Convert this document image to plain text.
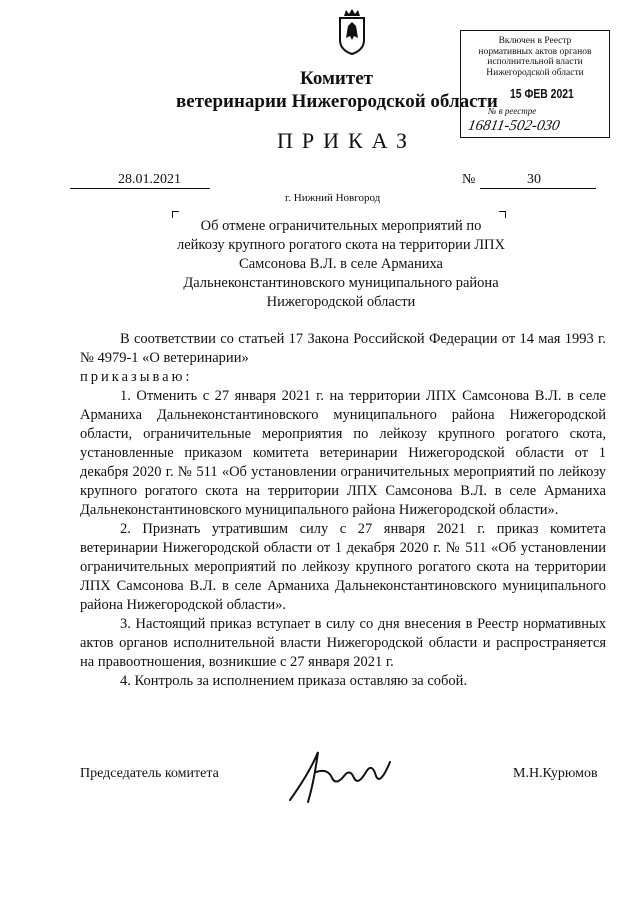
Комитет
ветеринарии Нижегородской области
Включен в Реестр
нормативных актов органов
исполнительной власти
Нижегородской области
15 ФЕВ 2021
№ в реестре
16811-502-030
ПРИКАЗ
28.01.2021	№	30
г. Нижний Новгород
Об отмене ограничительных мероприятий по лейкозу крупного рогатого скота на территории ЛПХ Самсонова В.Л. в селе Арманиха Дальнеконстантиновского муниципального района Нижегородской области

В соответствии со статьей 17 Закона Российской Федерации от 14 мая 1993 г. № 4979-1 «О ветеринарии»

приказываю:

1. Отменить с 27 января 2021 г. на территории ЛПХ Самсонова В.Л. в селе Арманиха Дальнеконстантиновского муниципального района Нижегородской области, ограничительные мероприятия по лейкозу крупного рогатого скота, установленные приказом комитета ветеринарии Нижегородской области от 1 декабря 2020 г. № 511 «Об установлении ограничительных мероприятий по лейкозу крупного рогатого скота на территории ЛПХ Самсонова В.Л. в селе Арманиха Дальнеконстантиновского муниципального района Нижегородской области».

2. Признать утратившим силу с 27 января 2021 г. приказ комитета ветеринарии Нижегородской области от 1 декабря 2020 г. № 511 «Об установлении ограничительных мероприятий по лейкозу крупного рогатого скота на территории ЛПХ Самсонова В.Л. в селе Арманиха Дальнеконстантиновского муниципального района Нижегородской области».

3. Настоящий приказ вступает в силу со дня внесения в Реестр нормативных актов органов исполнительной власти Нижегородской области и распространяется на правоотношения, возникшие с 27 января 2021 г.

4. Контроль за исполнением приказа оставляю за собой.

Председатель комитета	М.Н.Курюмов
